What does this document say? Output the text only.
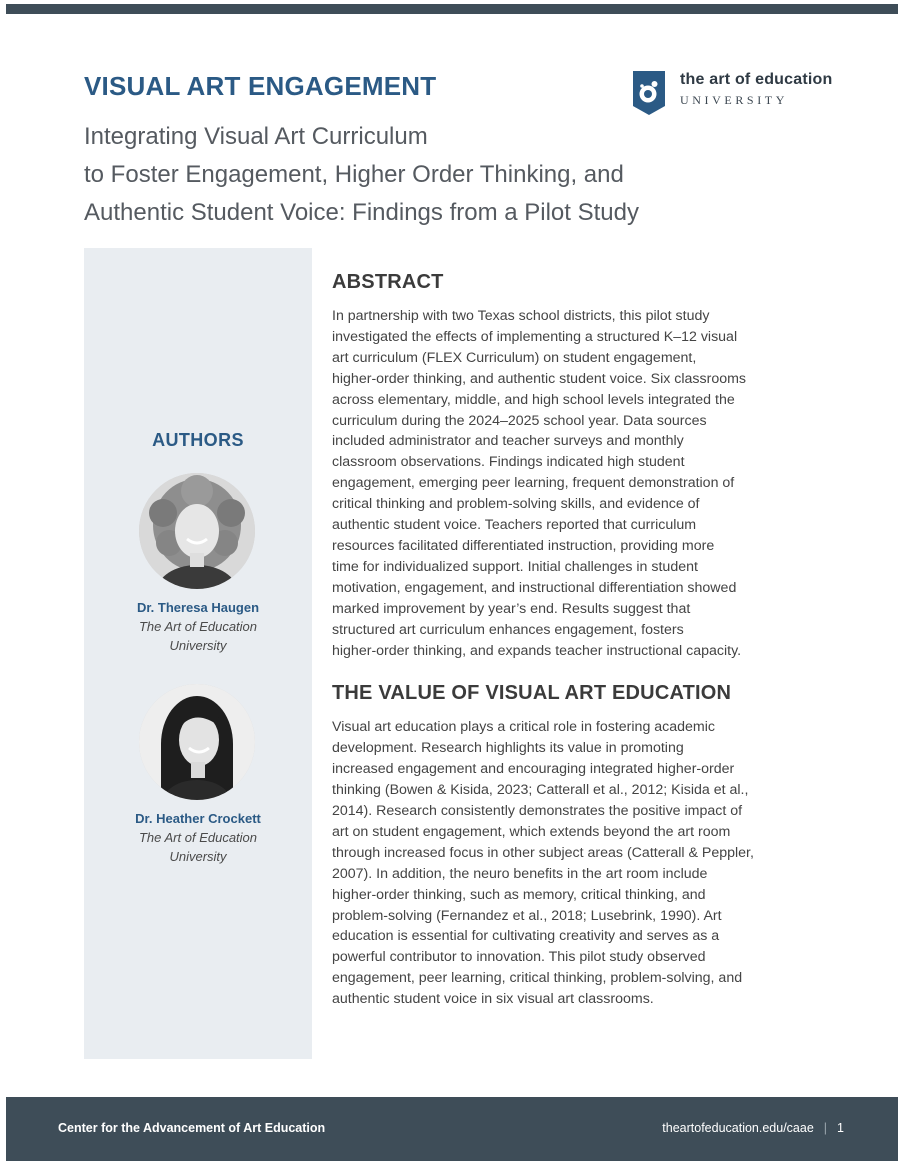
VISUAL ART ENGAGEMENT	the art of education
UNIVERSITY
Integrating Visual Art Curriculum
to Foster Engagement, Higher Order Thinking, and
Authentic Student Voice: Findings from a Pilot Study
AUTHORS
Dr. Theresa Haugen
The Art of Education University
Dr. Heather Crockett
The Art of Education University
ABSTRACT
In partnership with two Texas school districts, this pilot study
investigated the effects of implementing a structured K–12 visual
art curriculum (FLEX Curriculum) on student engagement,
higher-order thinking, and authentic student voice. Six classrooms
across elementary, middle, and high school levels integrated the
curriculum during the 2024–2025 school year. Data sources
included administrator and teacher surveys and monthly
classroom observations. Findings indicated high student
engagement, emerging peer learning, frequent demonstration of
critical thinking and problem-solving skills, and evidence of
authentic student voice. Teachers reported that curriculum
resources facilitated differentiated instruction, providing more
time for individualized support. Initial challenges in student
motivation, engagement, and instructional differentiation showed
marked improvement by year’s end. Results suggest that
structured art curriculum enhances engagement, fosters
higher-order thinking, and expands teacher instructional capacity.
THE VALUE OF VISUAL ART EDUCATION
Visual art education plays a critical role in fostering academic
development. Research highlights its value in promoting
increased engagement and encouraging integrated higher-order
thinking (Bowen & Kisida, 2023; Catterall et al., 2012; Kisida et al.,
2014). Research consistently demonstrates the positive impact of
art on student engagement, which extends beyond the art room
through increased focus in other subject areas (Catterall & Peppler,
2007). In addition, the neuro benefits in the art room include
higher-order thinking, such as memory, critical thinking, and
problem-solving (Fernandez et al., 2018; Lusebrink, 1990). Art
education is essential for cultivating creativity and serves as a
powerful contributor to innovation. This pilot study observed
engagement, peer learning, critical thinking, problem-solving, and
authentic student voice in six visual art classrooms.
Center for the Advancement of Art Education	theartofeducation.edu/caae | 1
